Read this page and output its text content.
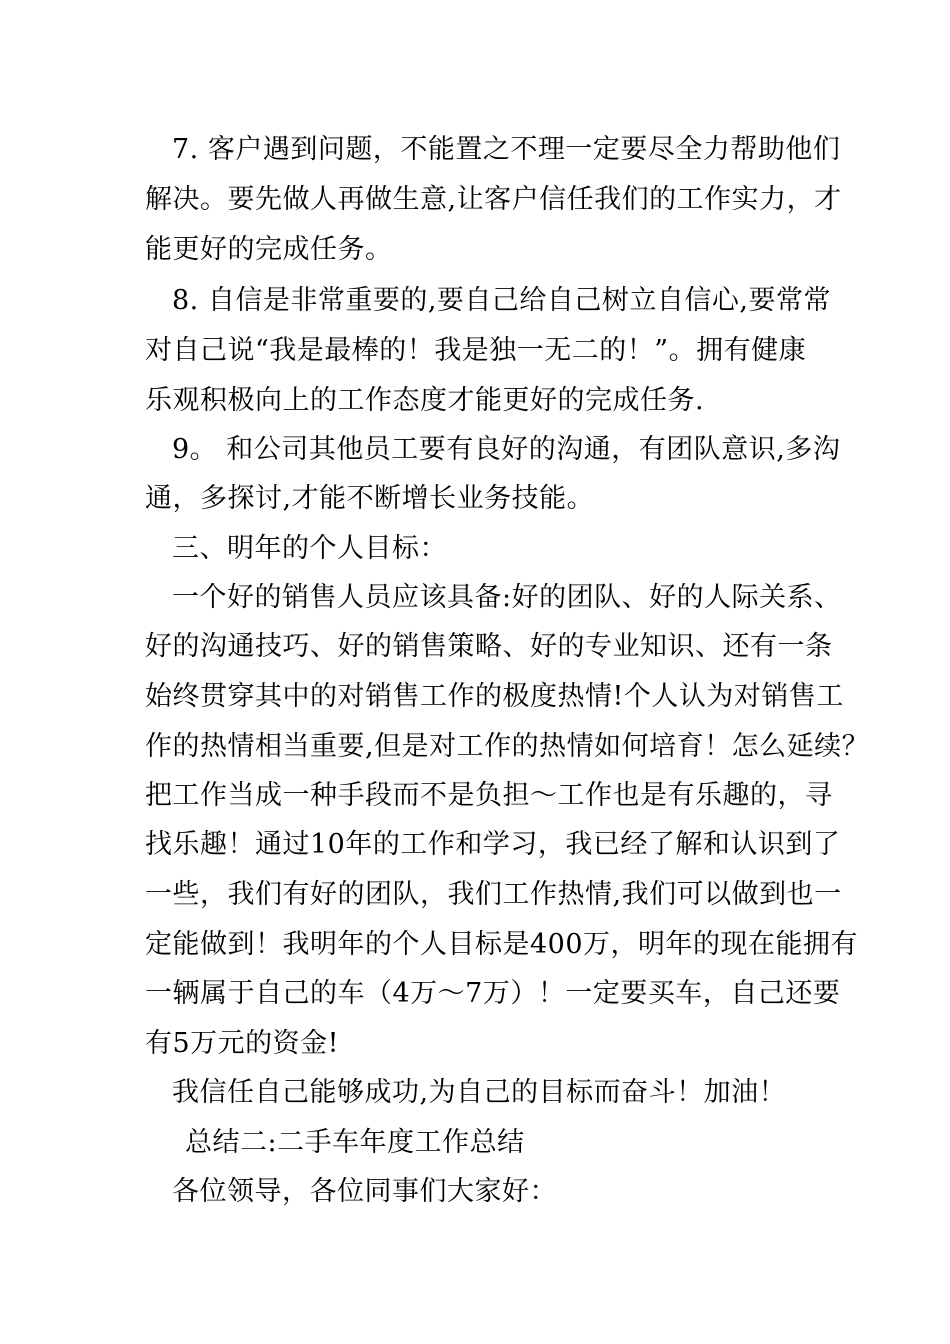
7. 客户遇到问题，不能置之不理一定要尽全力帮助他们
解决。要先做人再做生意,让客户信任我们的工作实力，才
能更好的完成任务。
8. 自信是非常重要的,要自己给自己树立自信心,要常常
对自己说“我是最棒的！我是独一无二的！”。拥有健康
乐观积极向上的工作态度才能更好的完成任务.
9。 和公司其他员工要有良好的沟通，有团队意识,多沟
通，多探讨,才能不断增长业务技能。
三、明年的个人目标：
一个好的销售人员应该具备:好的团队、好的人际关系、
好的沟通技巧、好的销售策略、好的专业知识、还有一条
始终贯穿其中的对销售工作的极度热情!个人认为对销售工
作的热情相当重要,但是对工作的热情如何培育！怎么延续？
把工作当成一种手段而不是负担～工作也是有乐趣的，寻
找乐趣！通过10年的工作和学习，我已经了解和认识到了
一些，我们有好的团队，我们工作热情,我们可以做到也一
定能做到！我明年的个人目标是400万，明年的现在能拥有
一辆属于自己的车（4万～7万）！一定要买车，自己还要
有5万元的资金!
我信任自己能够成功,为自己的目标而奋斗！加油！
总结二:二手车年度工作总结
各位领导，各位同事们大家好：
